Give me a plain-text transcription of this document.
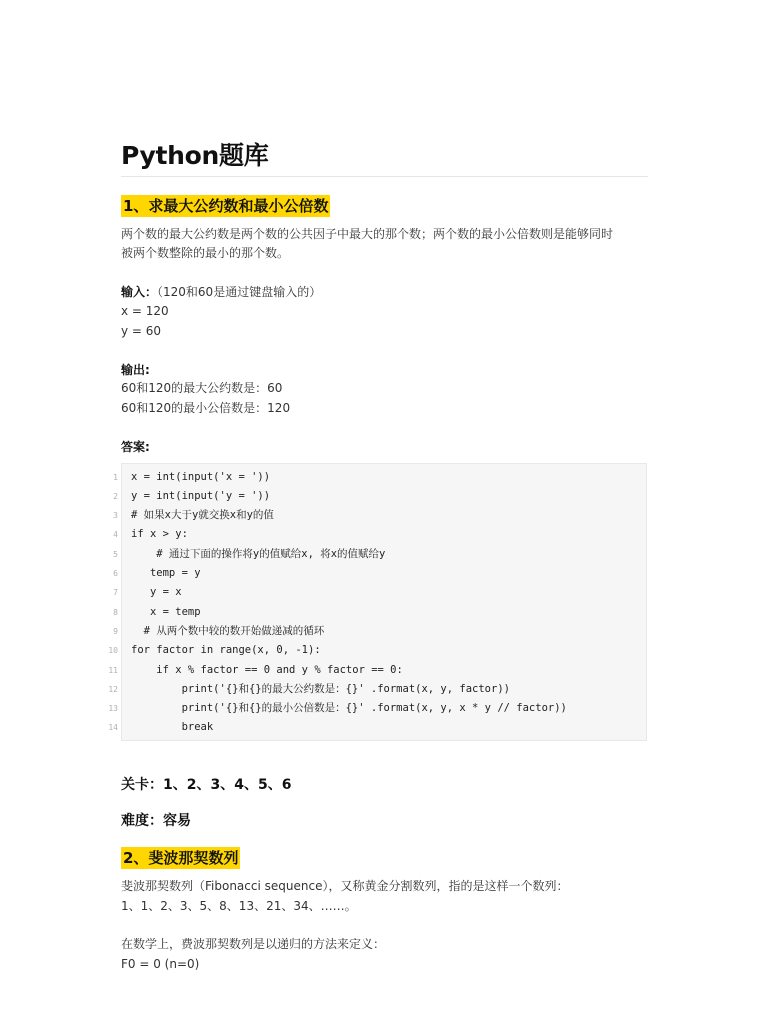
Python题库
1、求最大公约数和最小公倍数
两个数的最大公约数是两个数的公共因子中最大的那个数；两个数的最小公倍数则是能够同时
被两个数整除的最小的那个数。
输入：（120和60是通过键盘输入的）
x = 120
y = 60
输出:
60和120的最大公约数是：60
60和120的最小公倍数是：120
答案:
1 x = int(input('x = '))
2 y = int(input('y = '))
3 # 如果x大于y就交换x和y的值
4 if x > y:
5 # 通过下面的操作将y的值赋给x, 将x的值赋给y
6 temp = y
7 y = x
8 x = temp
9 # 从两个数中较的数开始做递减的循环
10 for factor in range(x, 0, -1):
11 if x % factor == 0 and y % factor == 0:
12 print('{}和{}的最大公约数是：{}' .format(x, y, factor))
13 print('{}和{}的最小公倍数是：{}' .format(x, y, x * y // factor))
14 break
关卡：1、2、3、4、5、6
难度：容易
2、斐波那契数列
斐波那契数列（Fibonacci sequence），又称黄金分割数列，指的是这样一个数列：
1、1、2、3、5、8、13、21、34、……。
在数学上，费波那契数列是以递归的方法来定义：
F0 = 0 (n=0)
